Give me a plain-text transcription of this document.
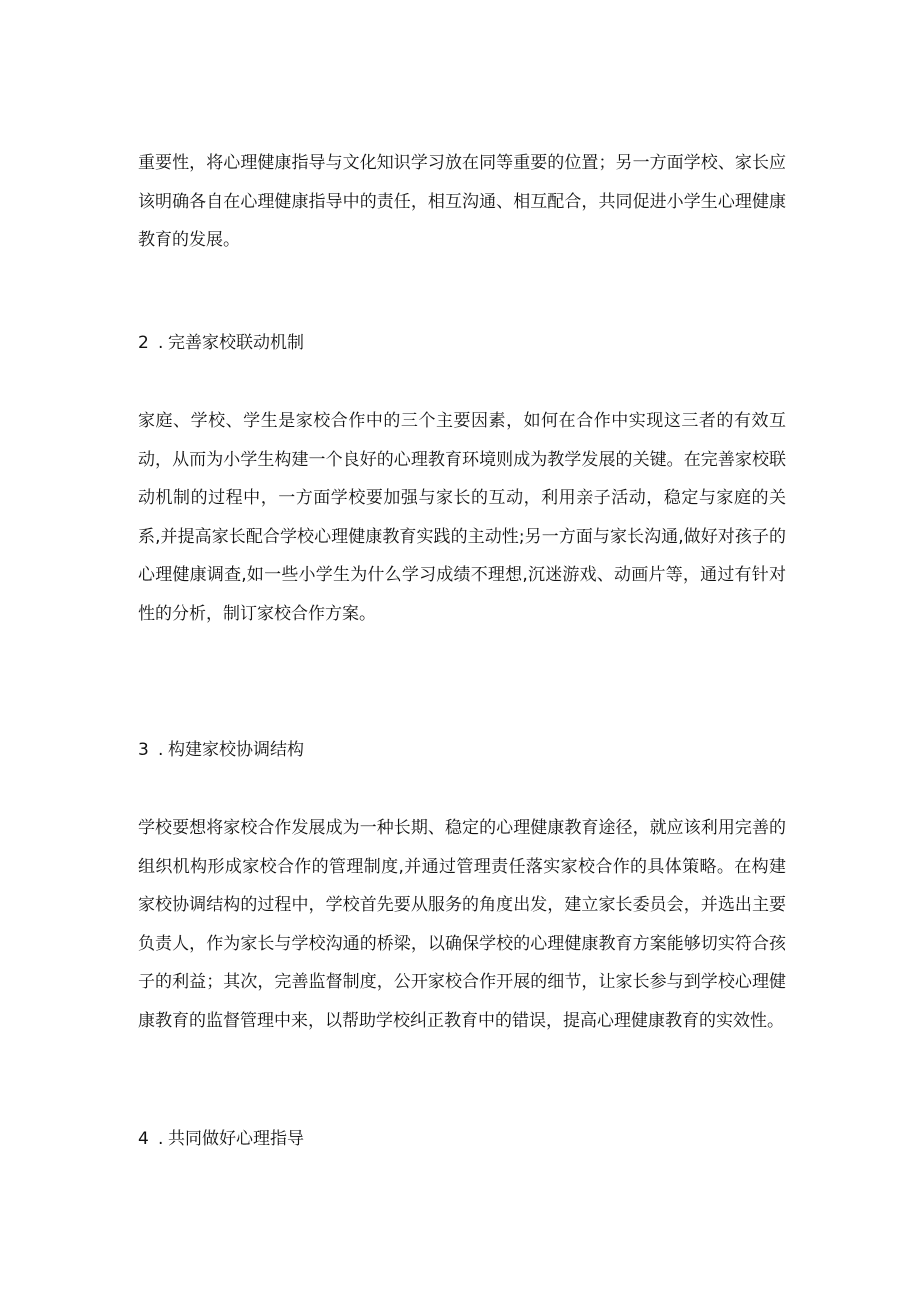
重要性，将心理健康指导与文化知识学习放在同等重要的位置；另一方面学校、家长应该明确各自在心理健康指导中的责任，相互沟通、相互配合，共同促进小学生心理健康教育的发展。

2 . 完善家校联动机制

家庭、学校、学生是家校合作中的三个主要因素，如何在合作中实现这三者的有效互动，从而为小学生构建一个良好的心理教育环境则成为教学发展的关键。在完善家校联动机制的过程中，一方面学校要加强与家长的互动，利用亲子活动，稳定与家庭的关系,并提高家长配合学校心理健康教育实践的主动性;另一方面与家长沟通,做好对孩子的心理健康调查,如一些小学生为什么学习成绩不理想,沉迷游戏、动画片等，通过有针对性的分析，制订家校合作方案。

3 . 构建家校协调结构

学校要想将家校合作发展成为一种长期、稳定的心理健康教育途径，就应该利用完善的组织机构形成家校合作的管理制度,并通过管理责任落实家校合作的具体策略。在构建家校协调结构的过程中，学校首先要从服务的角度出发，建立家长委员会，并选出主要负责人，作为家长与学校沟通的桥梁，以确保学校的心理健康教育方案能够切实符合孩子的利益；其次，完善监督制度，公开家校合作开展的细节，让家长参与到学校心理健康教育的监督管理中来，以帮助学校纠正教育中的错误，提高心理健康教育的实效性。

4 . 共同做好心理指导
